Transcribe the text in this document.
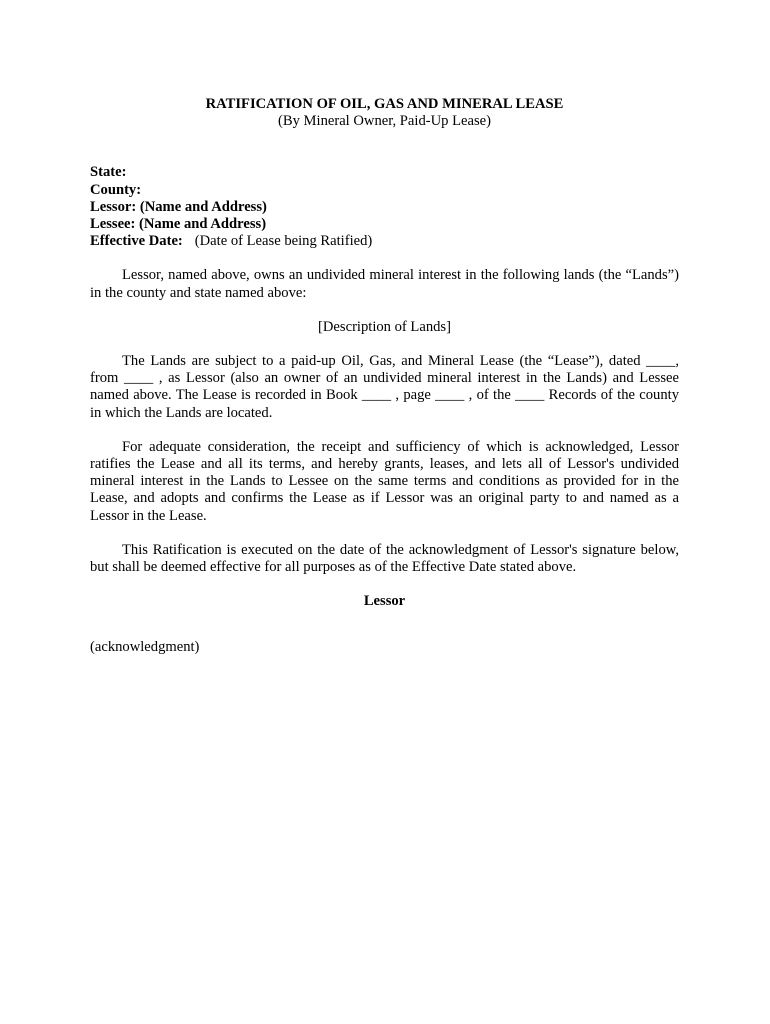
RATIFICATION OF OIL, GAS AND MINERAL LEASE

(By Mineral Owner, Paid-Up Lease)

State:

County:

Lessor: (Name and Address)

Lessee: (Name and Address)

Effective Date: (Date of Lease being Ratified)

Lessor, named above, owns an undivided mineral interest in the following lands (the “Lands”) in the county and state named above:

[Description of Lands]

The Lands are subject to a paid-up Oil, Gas, and Mineral Lease (the “Lease”), dated ____, from ____ , as Lessor (also an owner of an undivided mineral interest in the Lands) and Lessee named above. The Lease is recorded in Book ____ , page ____ , of the ____ Records of the county in which the Lands are located.

For adequate consideration, the receipt and sufficiency of which is acknowledged, Lessor ratifies the Lease and all its terms, and hereby grants, leases, and lets all of Lessor's undivided mineral interest in the Lands to Lessee on the same terms and conditions as provided for in the Lease, and adopts and confirms the Lease as if Lessor was an original party to and named as a Lessor in the Lease.

This Ratification is executed on the date of the acknowledgment of Lessor's signature below, but shall be deemed effective for all purposes as of the Effective Date stated above.

Lessor

(acknowledgment)
